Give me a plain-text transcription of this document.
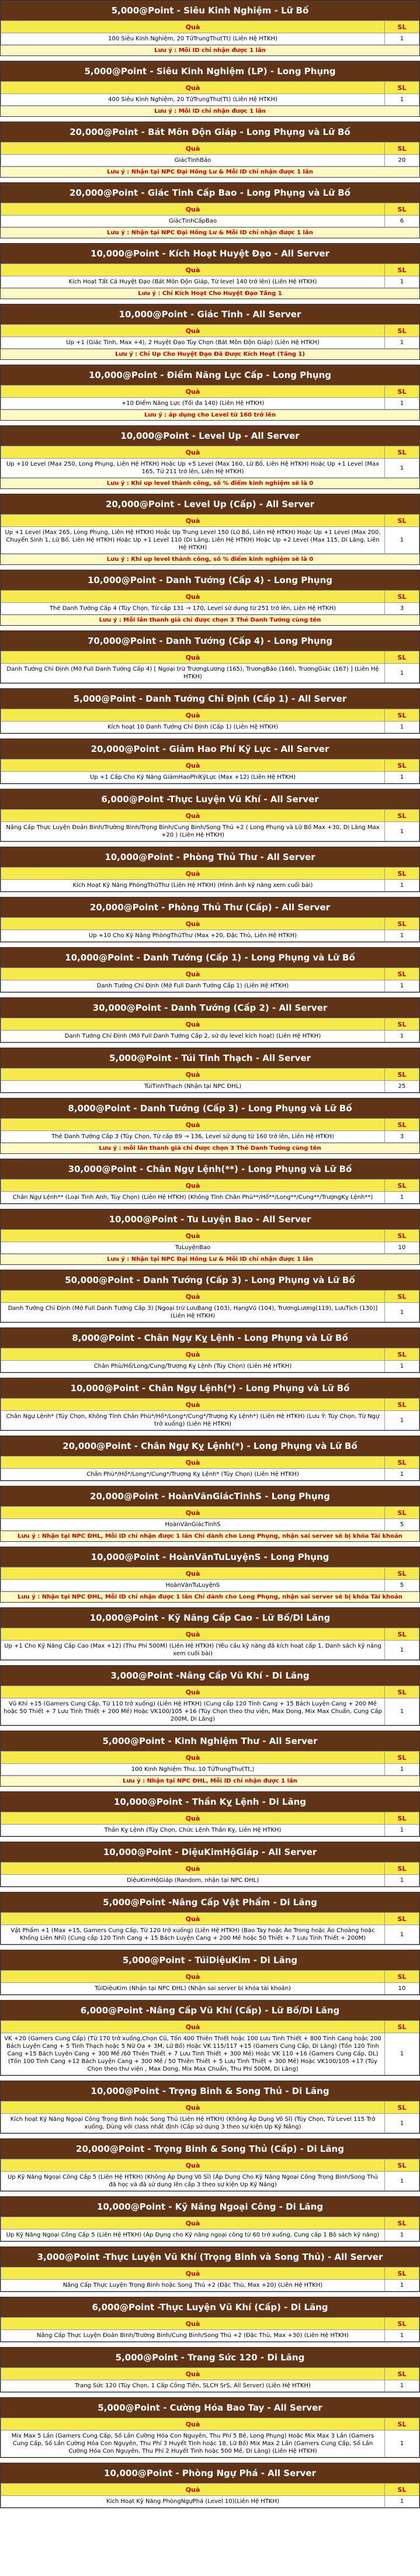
5,000@Point - Siêu Kinh Nghiệm - Lữ Bố
Quà	SL
100 Siêu Kinh Nghiệm, 20 TửTrungThư(Tt) (Liên Hệ HTKH)	1
Lưu ý : Mỗi ID chỉ nhận được 1 lần
5,000@Point - Siêu Kinh Nghiệm (LP) - Long Phụng
Quà	SL
400 Siêu Kinh Nghiệm, 20 TửTrungThư(Tt) (Liên Hệ HTKH)	1
Lưu ý : Mỗi ID chỉ nhận được 1 lần
20,000@Point - Bát Môn Độn Giáp - Long Phụng và Lữ Bố
Quà	SL
GiácTinhBảo	20
Lưu ý : Nhận tại NPC Đại Hồng Lư & Mỗi ID chỉ nhận được 1 lần
20,000@Point - Giác Tinh Cấp Bao - Long Phụng và Lữ Bố
Quà	SL
GiácTinhCấpBao	6
Lưu ý : Nhận tại NPC Đại Hồng Lư & Mỗi ID chỉ nhận được 1 lần
10,000@Point - Kích Hoạt Huyệt Đạo - All Server
Quà	SL
Kích Hoạt Tất Cả Huyệt Đạo (Bát Môn Độn Giáp, Từ level 140 trở lên) (Liên Hệ HTKH)	1
Lưu ý : Chỉ Kích Hoạt Cho Huyệt Đạo Tầng 1
10,000@Point - Giác Tinh - All Server
Quà	SL
Up +1 (Giác Tinh, Max +4), 2 Huyệt Đạo Tùy Chọn (Bát Môn Độn Giáp) (Liên Hệ HTKH)	1
Lưu ý : Chỉ Up Cho Huyệt Đạo Đã Được Kích Hoạt (Tầng 1)
10,000@Point - Điểm Năng Lực Cấp - Long Phụng
Quà	SL
+10 Điểm Năng Lực (Tối đa 140) (Liên Hệ HTKH)	1
Lưu ý : áp dụng cho Level từ 160 trở lên
10,000@Point - Level Up - All Server
Quà	SL
Up +10 Level (Max 250, Long Phụng, Liên Hệ HTKH) Hoặc Up +5 Level (Max 160, Lữ Bố, Liên Hệ HTKH) Hoặc Up +1 Level (Max 165, Tử 211 trở lên, Liên Hệ HTKH)	1
Lưu ý : Khi up level thành công, số % điểm kinh nghiệm sẽ là 0
20,000@Point - Level Up (Cấp) - All Server
Quà	SL
Up +1 Level (Max 265, Long Phụng, Liên Hệ HTKH) Hoặc Up Trung Level 150 (Lữ Bố, Liên Hệ HTKH) Hoặc Up +1 Level (Max 200, Chuyển Sinh 1, Lữ Bố, Liên Hệ HTKH) Hoặc Up +1 Level 110 (Di Lăng, Liên Hệ HTKH) Hoặc Up +2 Level (Max 115, Di Lăng, Liên Hệ HTKH)	1
Lưu ý : Khi up level thành công, số % điểm kinh nghiệm sẽ là 0
10,000@Point - Danh Tướng (Cấp 4) - Long Phụng
Quà	SL
Thẻ Danh Tướng Cấp 4 (Túy Chọn, Từ cấp 131 → 170, Level sử dụng từ 251 trở lên, Liên Hệ HTKH)	3
Lưu ý : Mỗi lần thanh giá chỉ được chọn 3 Thẻ Danh Tướng cùng tên
70,000@Point - Danh Tướng (Cấp 4) - Long Phụng
Quà	SL
Danh Tướng Chỉ Định (Mở Full Danh Tướng Cấp 4) [ Ngoại trừ TrươngLương (165), TrươngBảo (166), TrươngGiác (167) ] (Liên Hệ HTKH)	1
5,000@Point - Danh Tướng Chỉ Định (Cấp 1) - All Server
Quà	SL
Kích hoạt 10 Danh Tướng Chỉ Định (Cấp 1) (Liên Hệ HTKH)	1
20,000@Point - Giảm Hao Phí Kỹ Lực - All Server
Quà	SL
Up +1 Cấp Cho Kỹ Năng GiảmHaoPhíKỹLực (Max +12) (Liên Hệ HTKH)	1
6,000@Point -Thực Luyện Vũ Khí - All Server
Quà	SL
Nâng Cấp Thực Luyện Đoản Binh/Trường Binh/Trọng Binh/Cung Binh/Song Thủ +2 ( Long Phụng và Lữ Bố Max +30, Di Lăng Max +20 ) (Liên Hệ HTKH)	1
10,000@Point - Phòng Thủ Thư - All Server
Quà	SL
Kích Hoạt Kỹ Năng PhòngThủThư (Liên Hệ HTKH) (Hình ảnh kỹ năng xem cuối bài)	1
20,000@Point - Phòng Thủ Thư (Cấp) - All Server
Quà	SL
Up +10 Cho Kỹ Năng PhòngThủThư (Max +20, Đặc Thù, Liên Hệ HTKH)	1
10,000@Point - Danh Tướng (Cấp 1) - Long Phụng và Lữ Bố
Quà	SL
Danh Tướng Chỉ Định (Mở Full Danh Tướng Cấp 1) (Liên Hệ HTKH)	1
30,000@Point - Danh Tướng (Cấp 2) - All Server
Quà	SL
Danh Tướng Chỉ Định (Mở Full Danh Tướng Cấp 2, sử dụ level kích hoạt) (Liên Hệ HTKH)	1
5,000@Point - Túi Tinh Thạch - All Server
Quà	SL
TúiTinhThạch (Nhận tại NPC ĐHL)	25
8,000@Point - Danh Tướng (Cấp 3) - Long Phụng và Lữ Bố
Quà	SL
Thẻ Danh Tướng Cấp 3 (Túy Chọn, Từ cấp 89 → 136, Level sử dụng từ 160 trở lên, Liên Hệ HTKH)	3
Lưu ý : mỗi lần thanh giá chỉ được chọn 3 Thẻ Danh Tướng cùng tên
30,000@Point - Chân Ngự Lệnh(**) - Long Phụng và Lữ Bố
Quà	SL
Chân Ngự Lệnh** (Loại Tinh Anh, Túy Chọn) (Liên Hệ HTKH) (Không Tính Chân Phù**/Hổ**/Long**/Cung**/TrượngKỵ Lệnh**)	1
10,000@Point - Tu Luyện Bao - All Server
Quà	SL
TuLuyệnBao	10
Lưu ý : Nhận tại NPC Đại Hồng Lư & Mỗi ID chỉ nhận được 1 lần
50,000@Point - Danh Tướng (Cấp 3) - Long Phụng và Lữ Bố
Quà	SL
Danh Tướng Chỉ Định (Mở Full Danh Tướng Cấp 3) [Ngoại trừ LưuBang (103), HạngVũ (104), TrươngLương(119), LưuTịch (130)] (Liên Hệ HTKH)	1
8,000@Point - Chân Ngự Kỵ Lệnh - Long Phụng và Lữ Bố
Quà	SL
Chân Phù/Hổ/Long/Cung/Trượng Kỵ Lệnh (Túy Chọn) (Liên Hệ HTKH)	1
10,000@Point - Chân Ngự Lệnh(*) - Long Phụng và Lữ Bố
Quà	SL
Chân Ngự Lệnh* (Túy Chọn, Không Tính Chân Phù*/Hổ*/Long*/Cung*/Trượng Kỵ Lệnh*) (Liên Hệ HTKH) (Lưu Ý: Túy Chọn, Từ Ngự trở xuống) (Liên Hệ HTKH)	1
20,000@Point - Chân Ngự Kỵ Lệnh(*) - Long Phụng và Lữ Bố
Quà	SL
Chân Phù*/Hổ*/Long*/Cung*/Trượng Kỵ Lệnh* (Túy Chọn) (Liên Hệ HTKH)	1
20,000@Point - HoànVănGiácTinhS - Long Phụng
Quà	SL
HoànVănGiácTinhS	5
Lưu ý : Nhận tại NPC ĐHL, Mỗi ID chỉ nhận được 1 lần Chỉ dành cho Long Phụng, nhận sai server sẽ bị khóa Tài khoản
10,000@Point - HoànVănTuLuyệnS - Long Phụng
Quà	SL
HoànVănTuLuyệnS	5
Lưu ý : Nhận tại NPC ĐHL, Mỗi ID chỉ nhận được 1 lần Chỉ dành cho Long Phụng, nhận sai server sẽ bị khóa Tài khoản
10,000@Point - Kỹ Năng Cấp Cao - Lữ Bố/Di Lăng
Quà	SL
Up +1 Cho Kỹ Năng Cấp Cao (Max +12) (Thu Phí 500M) (Liên Hệ HTKH) (Yêu cầu kỹ năng đã kích hoạt cấp 1, Danh sách kỹ năng xem cuối bài)	1
3,000@Point -Nâng Cấp Vũ Khí - Di Lăng
Quà	SL
Vũ Khí +15 (Gamers Cung Cấp, Từ 110 trở xuống) (Liên Hệ HTKH) (Cung cấp 120 Tinh Cang + 15 Bách Luyện Cang + 200 Mề hoặc 50 Thiết + 7 Lưu Tinh Thiết + 200 Mề) Hoặc VK100/105 +16 (Túy Chọn theo thư viện, Max Dong, Mix Max Chuẩn, Cung Cấp 200M, Di Lăng)	1
5,000@Point - Kinh Nghiệm Thư - All Server
Quà	SL
100 Kinh Nghiệm Thư, 10 TửTrungThư(Tt,)	1
Lưu ý : Nhận tại NPC ĐHL, Mỗi ID chỉ nhận được 1 lần
10,000@Point - Thần Kỵ Lệnh - Di Lăng
Quà	SL
Thần Kỵ Lệnh (Túy Chọn, Chức Lệnh Thần Kỵ, Liên Hệ HTKH)	1
10,000@Point - DiệuKimHộGiáp - All Server
Quà	SL
DiệuKimHộGiáp (Random, nhận tại NPC ĐHL)	1
5,000@Point -Nâng Cấp Vật Phẩm - Di Lăng
Quà	SL
Vật Phẩm +1 (Max +15, Gamers Cung Cấp, Từ 120 trở xuống) (Liên Hệ HTKH) (Bao Tay hoặc Áo Trong hoặc Áo Choàng hoặc Khống Liên Nhĩ) (Cung cấp 120 Tinh Cang + 15 Bách Luyện Cang + 200 Mề hoặc 50 Thiết + 7 Lưu Tinh Thiết + 200M)	1
5,000@Point - TúiDiệuKim - Di Lăng
Quà	SL
TúiDiệuKim (Nhận tại NPC ĐHL) (Nhận sai server bị khóa tài khoản)	10
6,000@Point -Nâng Cấp Vũ Khí (Cấp) - Lữ Bố/Di Lăng
Quà	SL
VK +20 (Gamers Cung Cấp) (Từ 170 trở xuống,Chọn Cũ, Tốn 400 Thiên Thiết hoặc 100 Lưu Tinh Thiết + 800 Tinh Cang hoặc 200 Bách Luyện Cang + 5 Tinh Thạch hoặc 5 Nữ Oa + 3M, Lữ Bố) Hoặc VK 115/117 +15 (Gamers Cung Cấp, Di Lăng) (Tốn 120 Tinh Cang +15 Bách Luyện Cang + 300 Mề /60 Thiên Thiết + 7 Lưu Tinh Thiết + 300 Mề) Hoặc VK 110 +16 (Gamers Cung Cấp, DL) (Tốn 100 Tinh Cang +12 Bách Luyện Cang + 300 Mề / 50 Thiên Thiết + 5 Lưu Tinh Thiết + 300 Mề) Hoặc VK100/105 +17 (Túy Chọn theo thư viện , Max Dong, Mix Max Chuẩn, Thu Phí 500M, Di Lăng)	1
10,000@Point - Trọng Binh & Song Thủ - Di Lăng
Quà	SL
Kích hoạt Kỹ Năng Ngoại Công Trọng Binh hoặc Song Thủ (Liên Hệ HTKH) (Không Áp Dụng Võ Sĩ) (Túy Chọn, Từ Level 115 Trở xuống, Dùng với class nhất định (Cấp sử dụng 3 theo sự kiện Up Kỹ Năng)	1
20,000@Point - Trọng Binh & Song Thủ (Cấp) - Di Lăng
Quà	SL
Up Kỹ Năng Ngoại Công Cấp 5 (Liên Hệ HTKH) (Không Áp Dụng Võ Sĩ) (Áp Dụng Cho Kỹ Năng Ngoại Công Trọng Binh/Song Thủ đã học và đã sử dụng lên cấp 3 theo sự kiện Up Kỹ Năng)	1
10,000@Point - Kỹ Năng Ngoại Công - Di Lăng
Quà	SL
Up Kỹ Năng Ngoại Công Cấp 5 (Liên Hệ HTKH) (Áp Dụng cho Kỹ năng ngoại công từ 60 trở xuống, Cung cấp 1 Bộ sách kỹ năng)	1
3,000@Point -Thực Luyện Vũ Khí (Trọng Binh và Song Thủ) - All Server
Quà	SL
Nâng Cấp Thực Luyện Trọng Binh hoặc Song Thủ +2 (Đặc Thù, Max +20) (Liên Hệ HTKH)	1
6,000@Point -Thực Luyện Vũ Khí (Cấp) - Di Lăng
Quà	SL
Nâng Cấp Thực Luyện Đoản Binh/Trường Binh/Cung Binh/Song Thủ +2 (Đặc Thù, Max +30) (Liên Hệ HTKH)	1
5,000@Point - Trang Sức 120 - Di Lăng
Quà	SL
Trang Sức 120 (Túy Chọn, 1 Cấp Công Tiến, SLCH SrS, All Server) (Liên Hệ HTKH)	1
5,000@Point - Cường Hóa Bao Tay - All Server
Quà	SL
Mix Max 5 Lần (Gamers Cung Cấp, Số Lần Cường Hóa Con Nguyên, Thu Phí 5 Bê, Long Phụng) Hoặc Mix Max 3 Lần (Gamers Cung Cấp, Số Lần Cường Hóa Con Nguyên, Thu Phí 3 Huyết Tinh hoặc 18, Lữ Bố) Mix Max 2 Lần (Gamers Cung Cấp, Số Lần Cường Hóa Con Nguyên, Thu Phí 2 Huyết Tinh hoặc 500 Mề, Di Lăng) (Liên Hệ HTKH)	1
10,000@Point - Phòng Ngự Phá - All Server
Quà	SL
Kích Hoạt Kỹ Năng PhòngNgựPhá (Level 10)(Liên Hệ HTKH)	1
